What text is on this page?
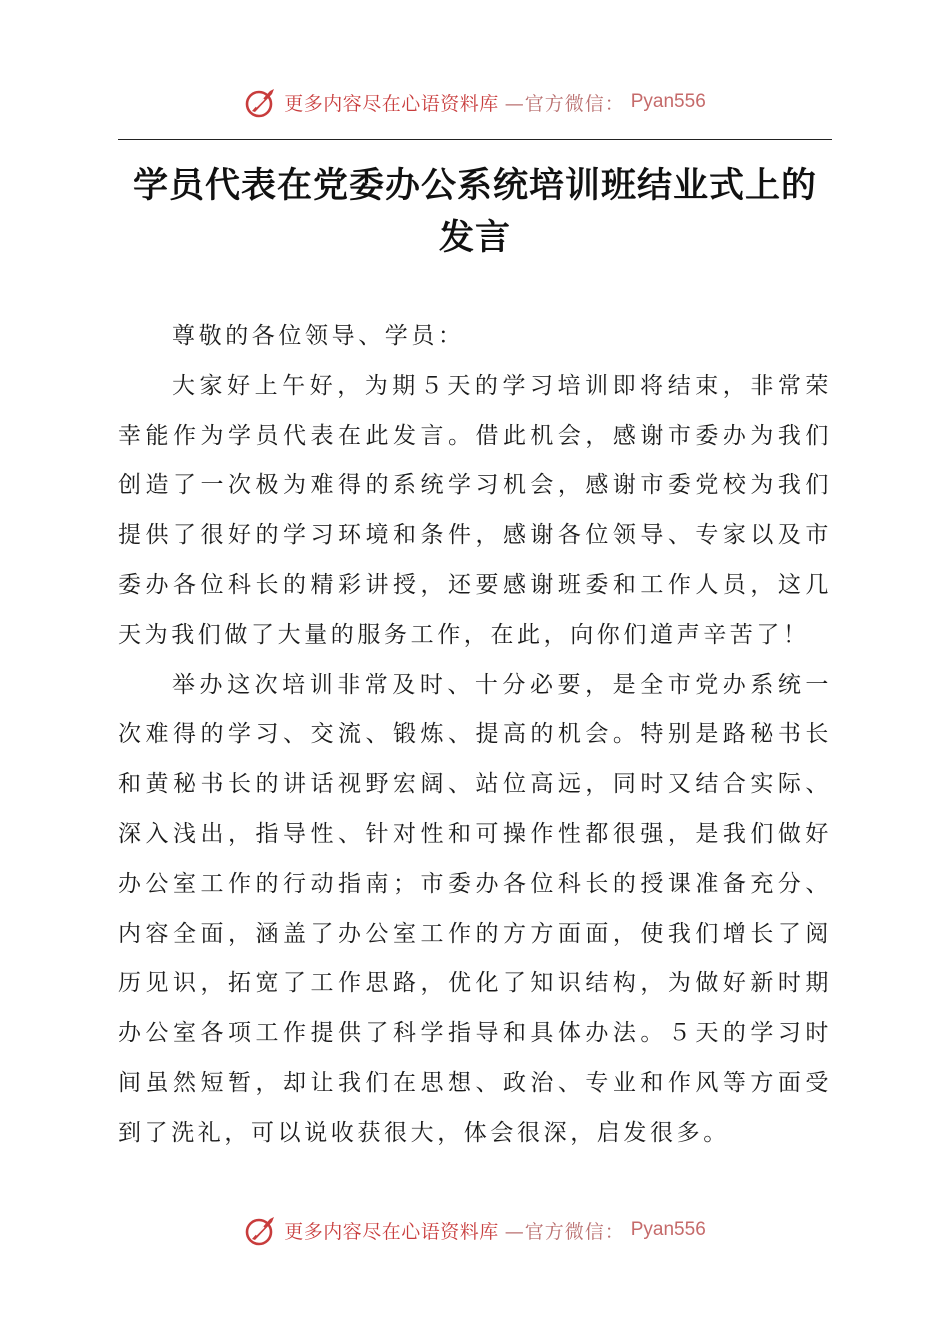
更多内容尽在心语资料库 —官方微信： Pyan556
学员代表在党委办公系统培训班结业式上的发言

尊敬的各位领导、学员：

大家好上午好，为期５天的学习培训即将结束，非常荣幸能作为学员代表在此发言。借此机会，感谢市委办为我们创造了一次极为难得的系统学习机会，感谢市委党校为我们提供了很好的学习环境和条件，感谢各位领导、专家以及市委办各位科长的精彩讲授，还要感谢班委和工作人员，这几天为我们做了大量的服务工作，在此，向你们道声辛苦了！

举办这次培训非常及时、十分必要，是全市党办系统一次难得的学习、交流、锻炼、提高的机会。特别是路秘书长和黄秘书长的讲话视野宏阔、站位高远，同时又结合实际、深入浅出，指导性、针对性和可操作性都很强，是我们做好办公室工作的行动指南；市委办各位科长的授课准备充分、内容全面，涵盖了办公室工作的方方面面，使我们增长了阅历见识，拓宽了工作思路，优化了知识结构，为做好新时期办公室各项工作提供了科学指导和具体办法。５天的学习时间虽然短暂，却让我们在思想、政治、专业和作风等方面受到了洗礼，可以说收获很大，体会很深，启发很多。

更多内容尽在心语资料库 —官方微信： Pyan556
